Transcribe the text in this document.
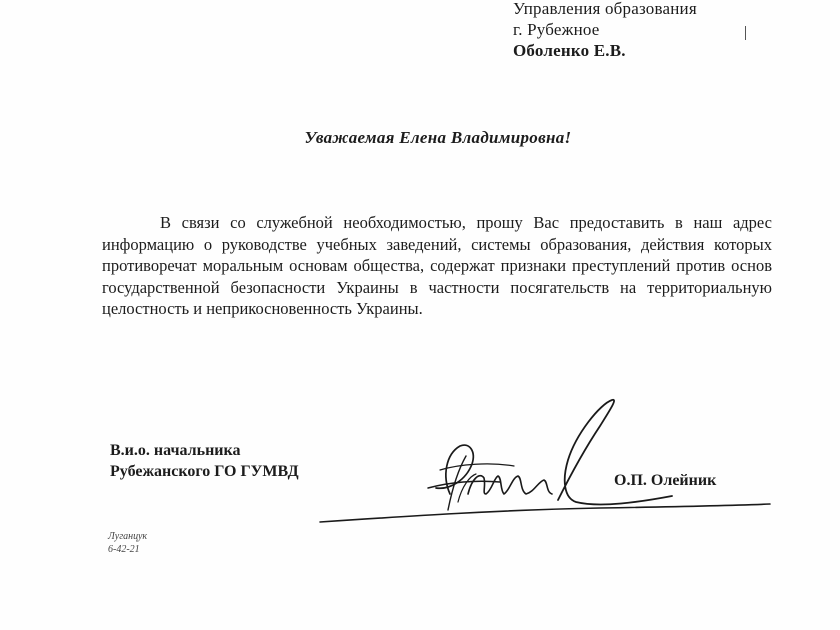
Управления образования
г. Рубежное
Оболенко Е.В.
Уважаемая Елена Владимировна!

В связи со служебной необходимостью, прошу Вас предоставить в наш адрес информацию о руководстве учебных заведений, системы образования, действия которых противоречат моральным основам общества, содержат признаки преступлений против основ государственной безопасности Украины в частности посягательств на территориальную целостность и неприкосновенность Украины.

В.и.о. начальника
Рубежанского ГО ГУМВД
О.П. Олейник
Луганцук
6-42-21
